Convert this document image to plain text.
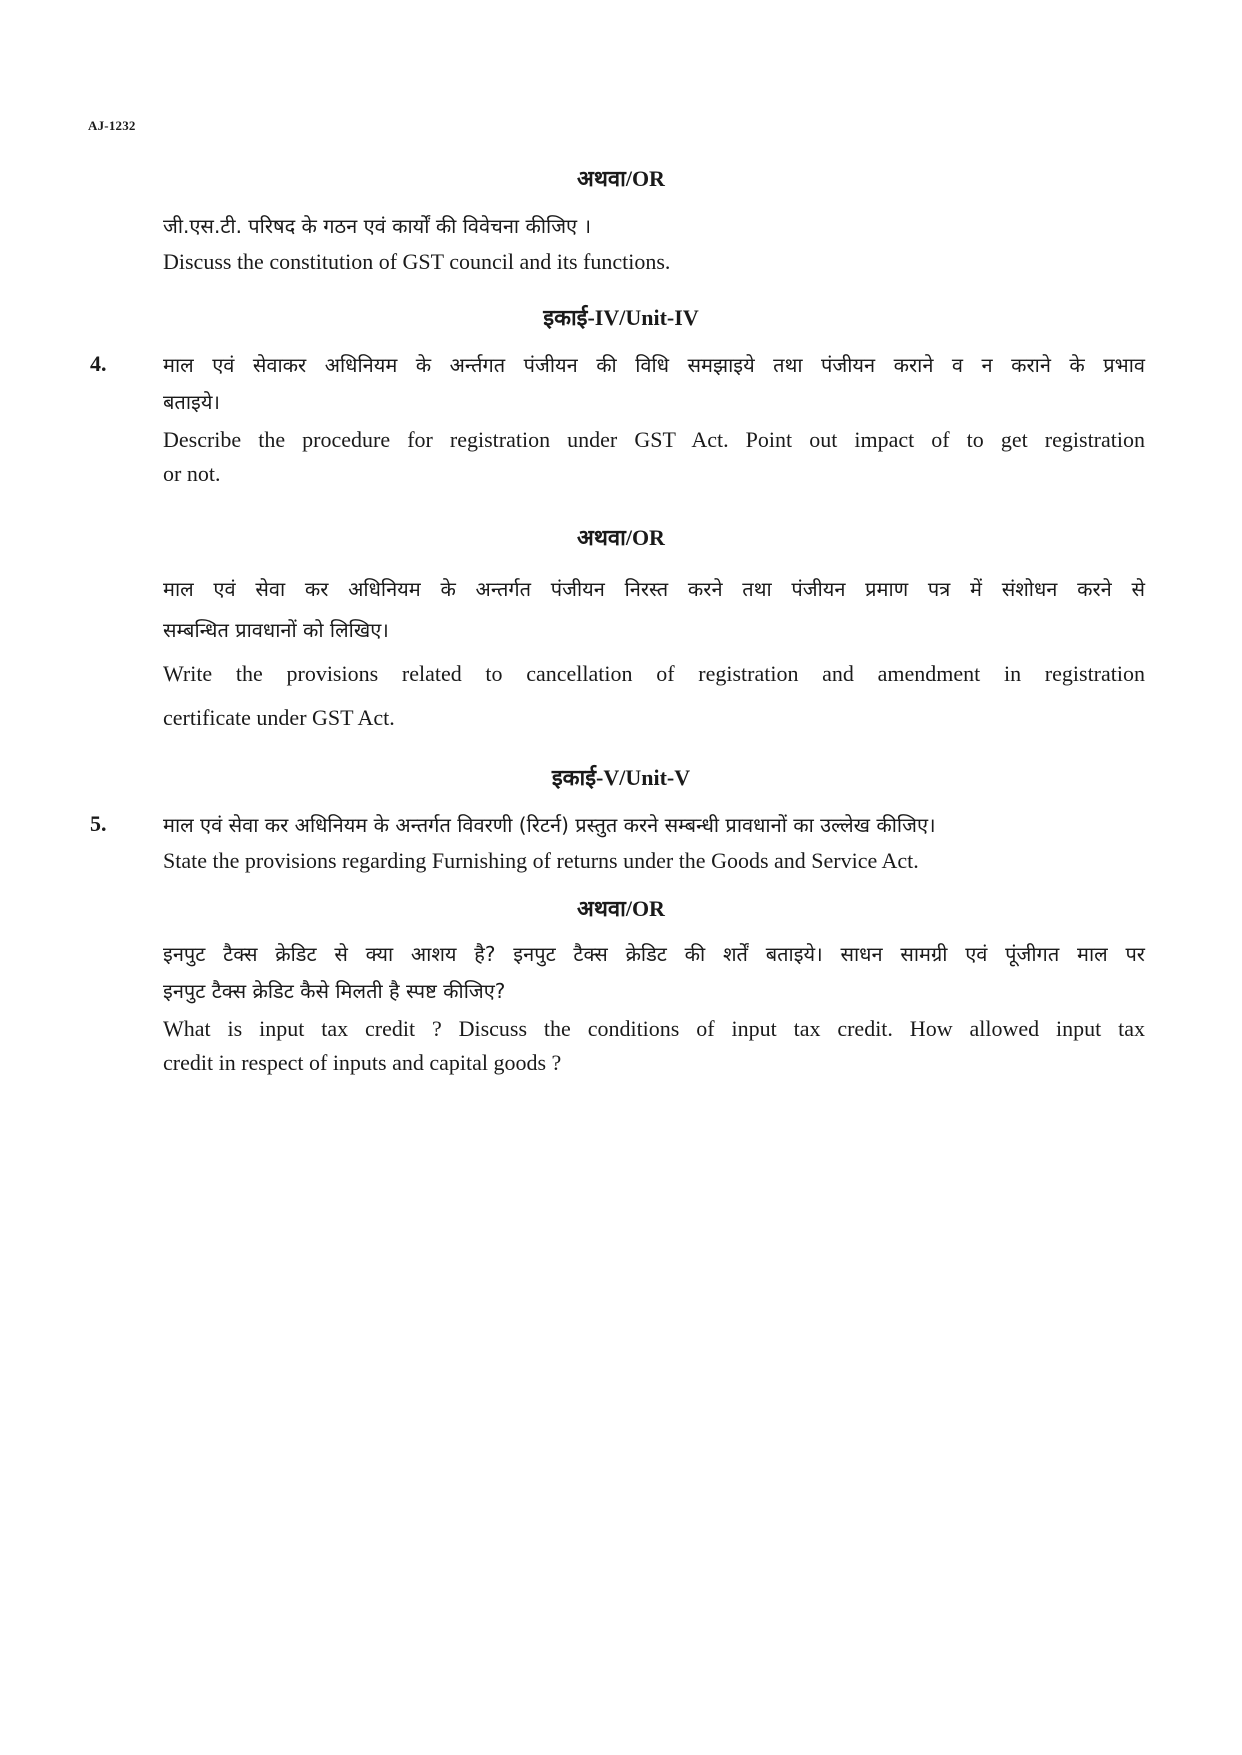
AJ-1232
अथवा/OR
जी.एस.टी. परिषद के गठन एवं कार्यों की विवेचना कीजिए ।
Discuss the constitution of GST council and its functions.
इकाई-IV/Unit-IV
4.	माल एवं सेवाकर अधिनियम के अर्न्तगत पंजीयन की विधि समझाइये तथा पंजीयन कराने व न कराने के प्रभाव
बताइये।
Describe the procedure for registration under GST Act. Point out impact of to get registration
or not.
अथवा/OR
माल एवं सेवा कर अधिनियम के अन्तर्गत पंजीयन निरस्त करने तथा पंजीयन प्रमाण पत्र में संशोधन करने से
सम्बन्धित प्रावधानों को लिखिए।
Write the provisions related to cancellation of registration and amendment in registration
certificate under GST Act.
इकाई-V/Unit-V
5.	माल एवं सेवा कर अधिनियम के अन्तर्गत विवरणी (रिटर्न) प्रस्तुत करने सम्बन्धी प्रावधानों का उल्लेख कीजिए।
State the provisions regarding Furnishing of returns under the Goods and Service Act.
अथवा/OR
इनपुट टैक्स क्रेडिट से क्या आशय है? इनपुट टैक्स क्रेडिट की शर्तें बताइये। साधन सामग्री एवं पूंजीगत माल पर
इनपुट टैक्स क्रेडिट कैसे मिलती है स्पष्ट कीजिए?
What is input tax credit ? Discuss the conditions of input tax credit. How allowed input tax
credit in respect of inputs and capital goods ?
